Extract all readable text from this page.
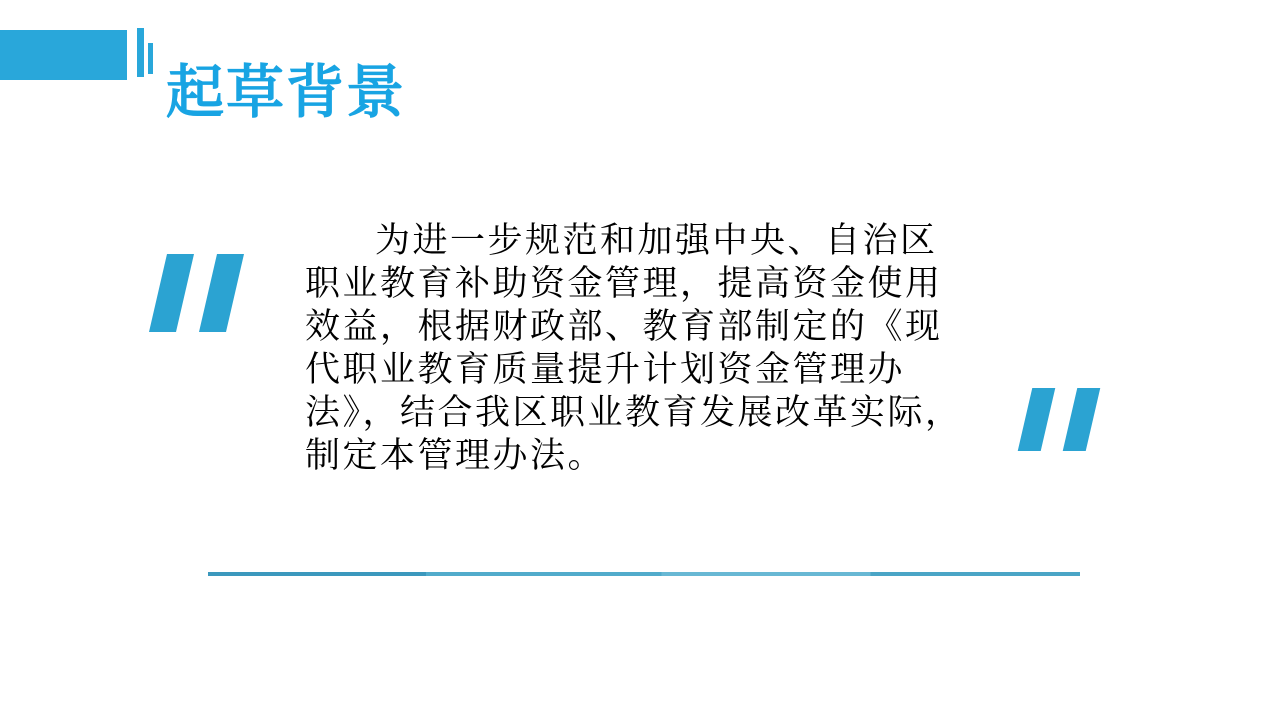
起草背景
为进一步规范和加强中央、自治区
职业教育补助资金管理，提高资金使用
效益，根据财政部、教育部制定的《现
代职业教育质量提升计划资金管理办
法》，结合我区职业教育发展改革实际，
制定本管理办法。
